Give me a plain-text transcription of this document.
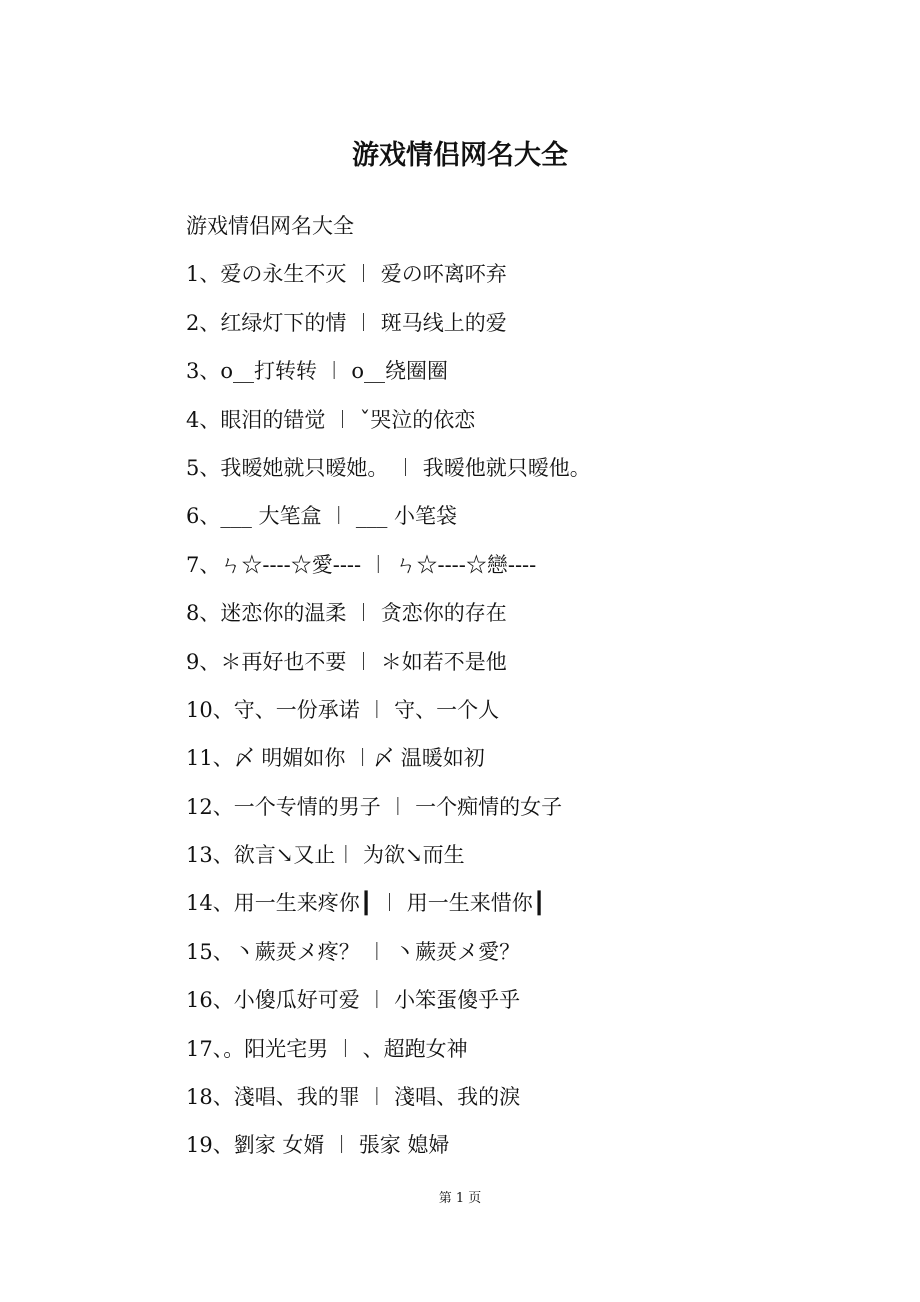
游戏情侣网名大全
游戏情侣网名大全
1、爱の永生不灭 ︱ 爱の吥离吥弃
2、红绿灯下的情 ︱ 斑马线上的爱
3、o__打转转 ︱ o__绕圈圈
4、眼泪的错觉 ︱ ˇ哭泣的依恋
5、我暧她就只暧她。 ︱ 我暧他就只暧他。
6、___ 大笔盒 ︱ ___ 小笔袋
7、ㄣ☆----☆愛---- ︱ ㄣ☆----☆戀----
8、迷恋你的温柔 ︱ 贪恋你的存在
9、＊再好也不要 ︱ ＊如若不是他
10、守、一份承诺 ︱ 守、一个人
11、〆 明媚如你 ︱〆 温暖如初
12、一个专情的男子 ︱ 一个痴情的女子
13、欲言↘又止︱ 为欲↘而生
14、用一生来疼你┃ ︱ 用一生来惜你┃
15、丶蕨烎メ疼？ ︱ 丶蕨烎メ愛？
16、小傻瓜好可爱 ︱ 小笨蛋傻乎乎
17、。阳光宅男 ︱ 、超跑女神
18、淺唱、我的罪 ︱ 淺唱、我的淚
19、劉家 女婿 ︱ 張家 媳婦
第 1 页
